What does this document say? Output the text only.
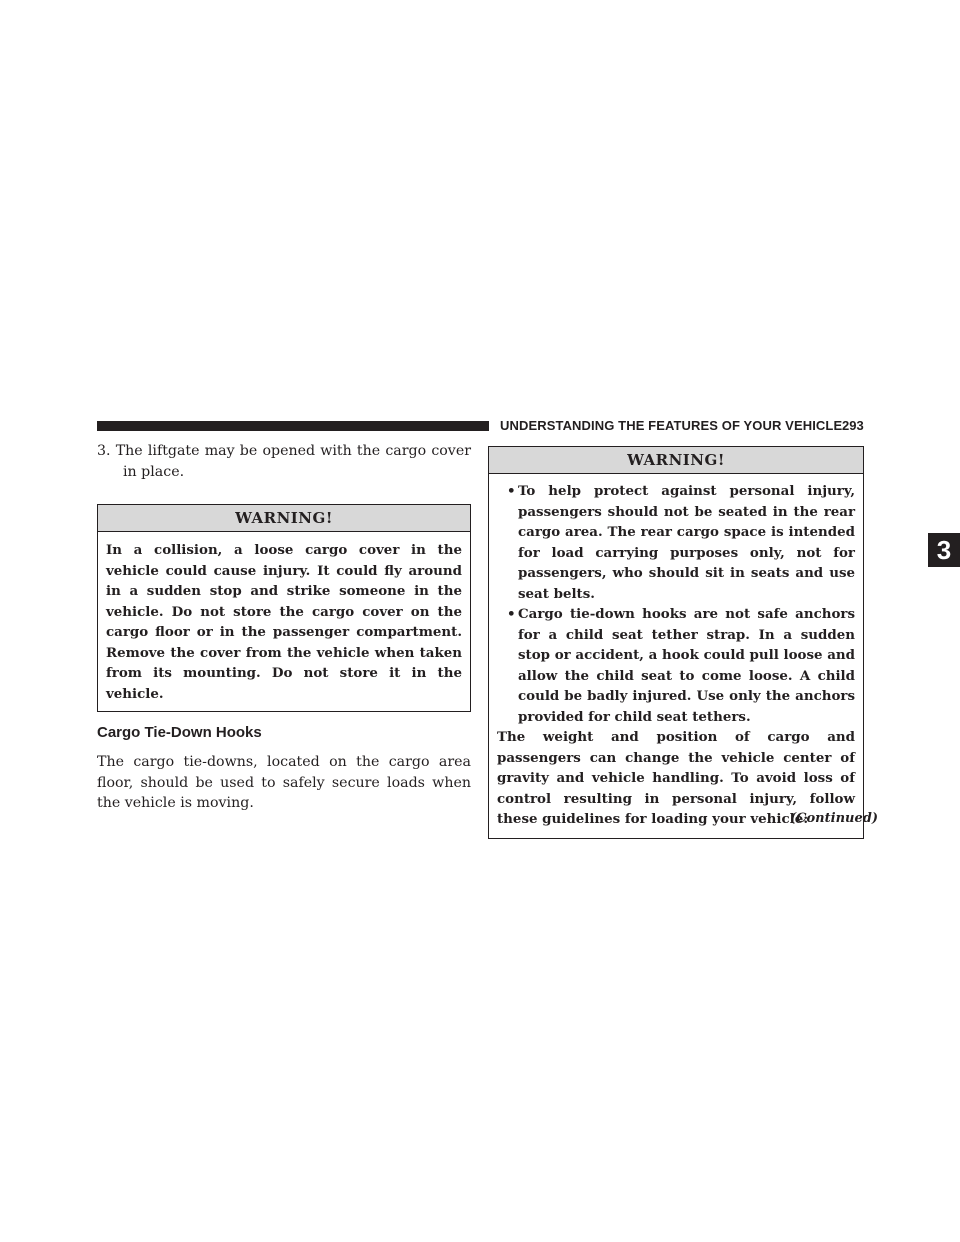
UNDERSTANDING THE FEATURES OF YOUR VEHICLE 293
3

3. The liftgate may be opened with the cargo cover in place.

WARNING!
In a collision, a loose cargo cover in the vehicle could cause injury. It could fly around in a sudden stop and strike someone in the vehicle. Do not store the cargo cover on the cargo floor or in the passenger compartment. Remove the cover from the vehicle when taken from its mounting. Do not store it in the vehicle.
Cargo Tie-Down Hooks

The cargo tie-downs, located on the cargo area floor, should be used to safely secure loads when the vehicle is moving.

WARNING!

• To help protect against personal injury, passengers should not be seated in the rear cargo area. The rear cargo space is intended for load carrying purposes only, not for passengers, who should sit in seats and use seat belts.

• Cargo tie-down hooks are not safe anchors for a child seat tether strap. In a sudden stop or accident, a hook could pull loose and allow the child seat to come loose. A child could be badly injured. Use only the anchors provided for child seat tethers.

The weight and position of cargo and passengers can change the vehicle center of gravity and vehicle handling. To avoid loss of control resulting in personal injury, follow these guidelines for loading your vehicle:

(Continued)
